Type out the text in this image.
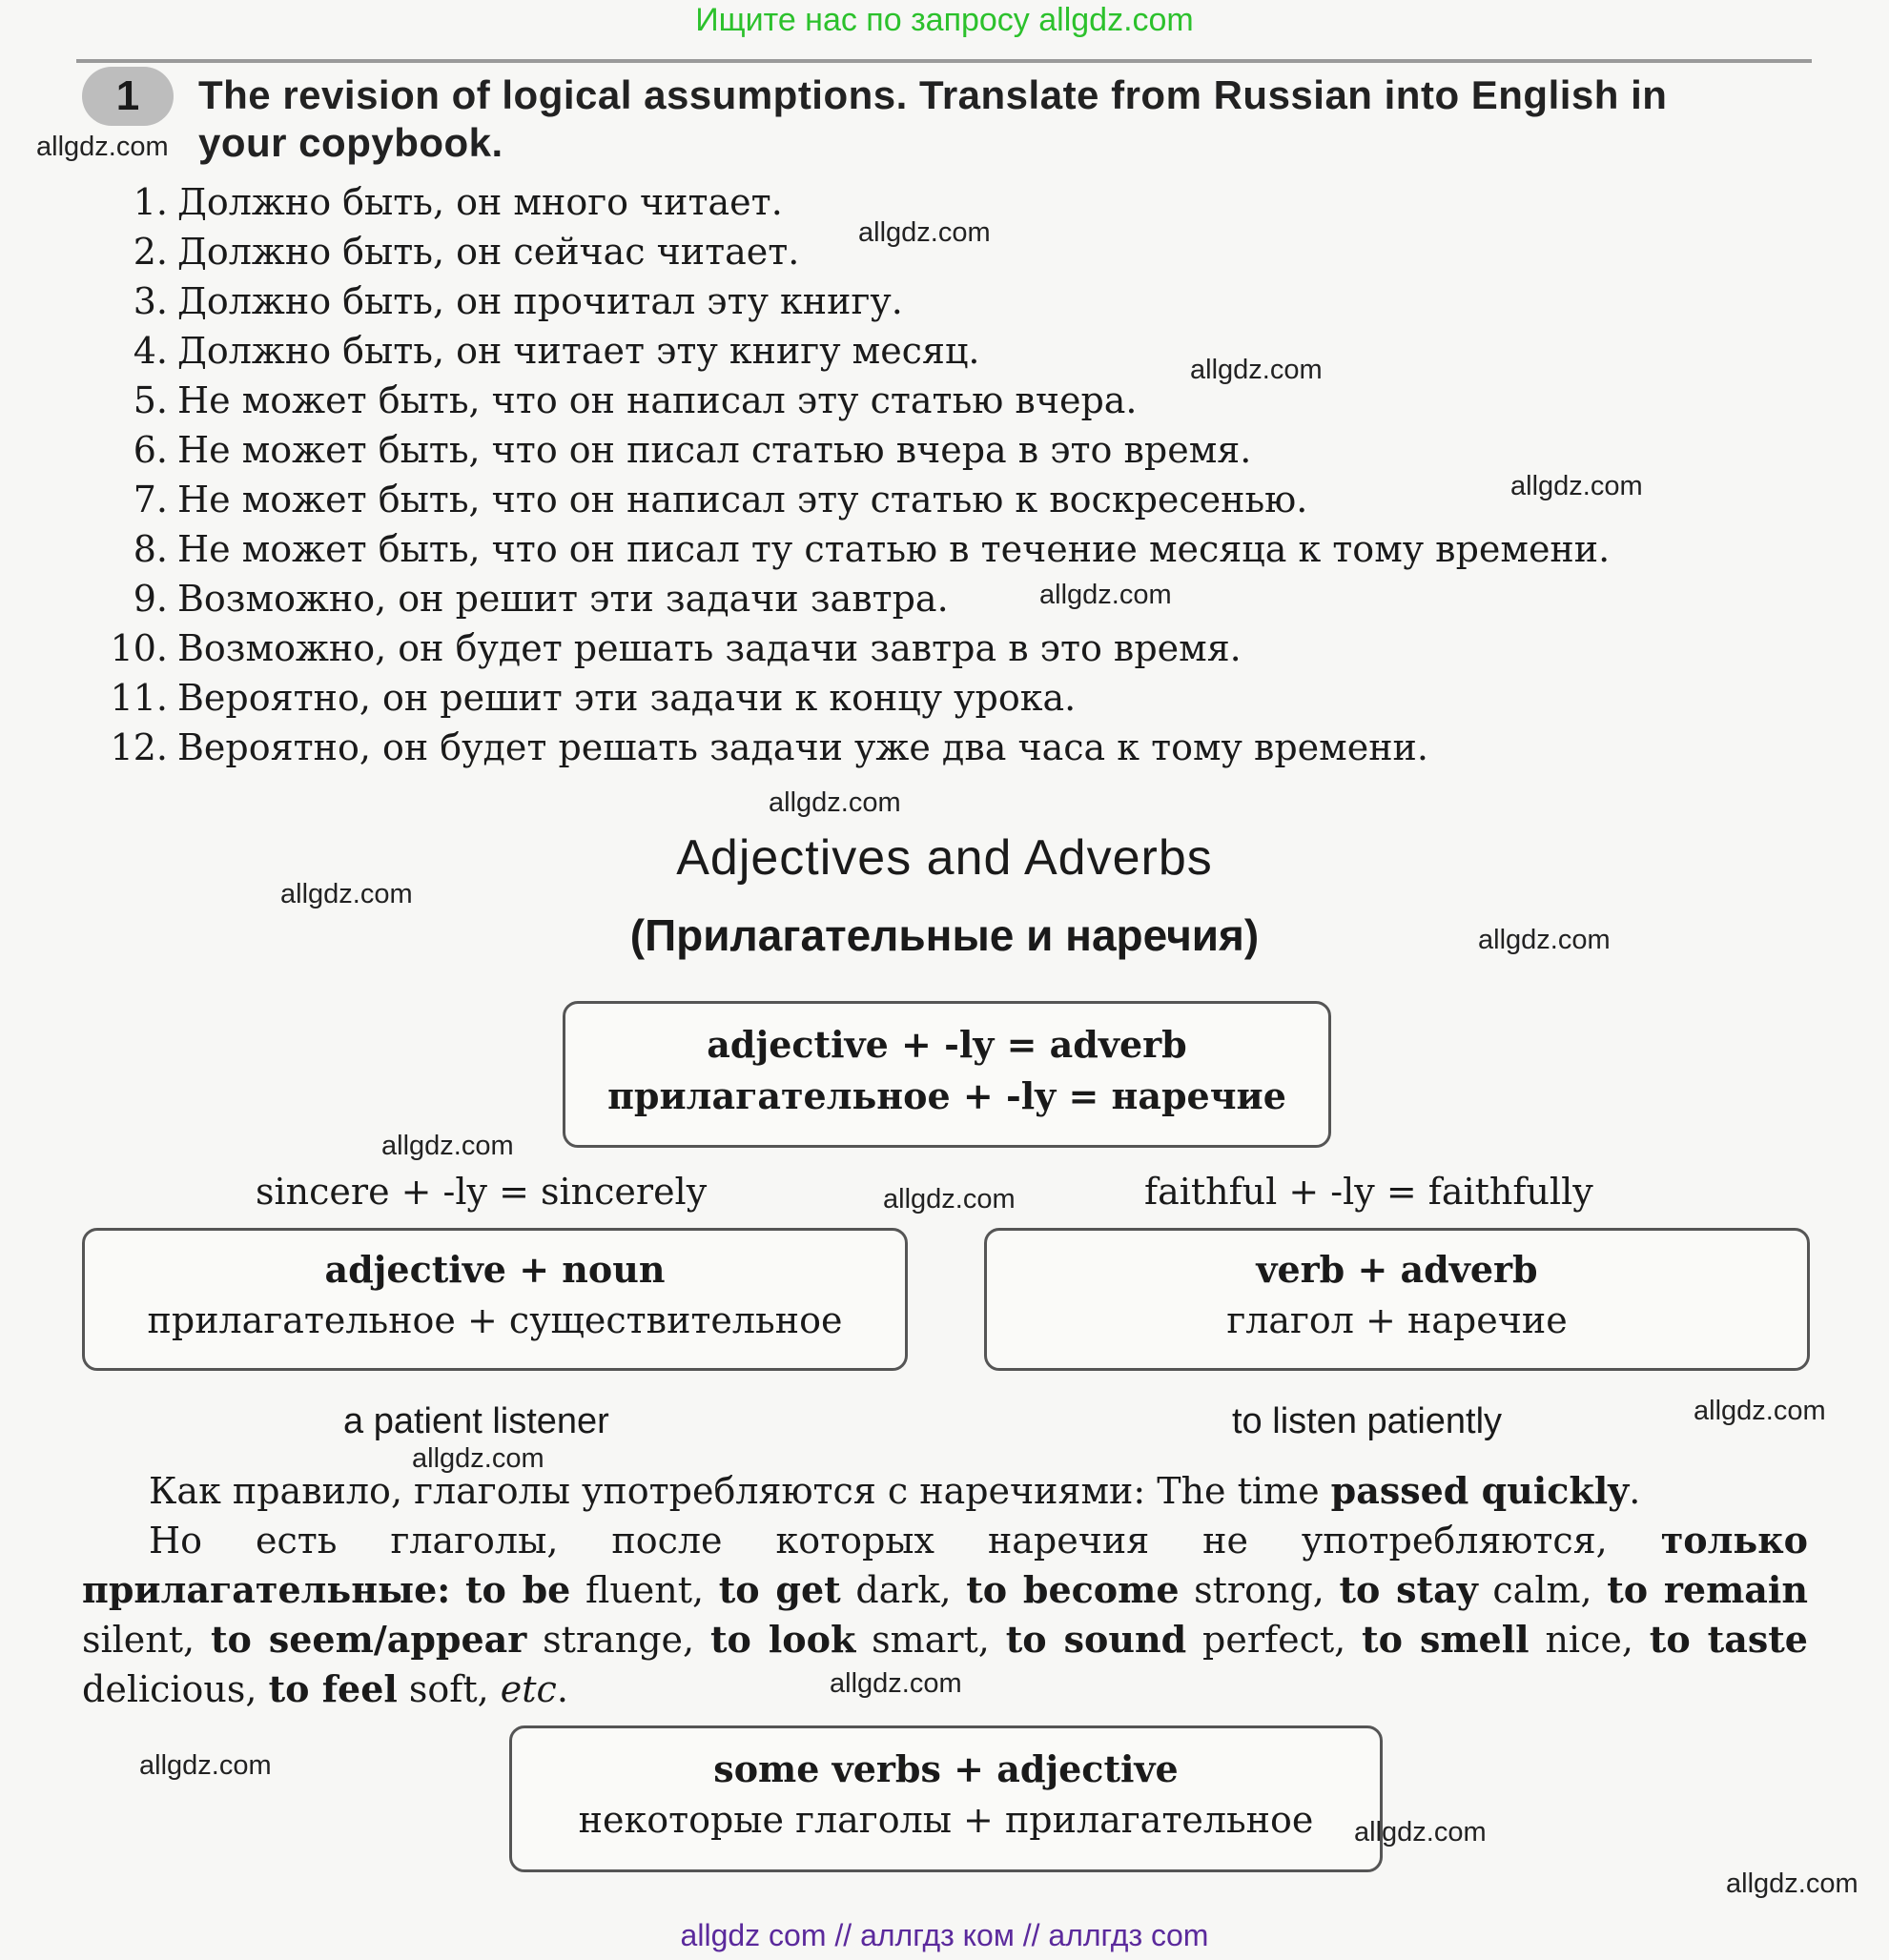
Ищите нас по запросу allgdz.com
1	The revision of logical assumptions. Translate from Russian into English in
your copybook.
1. Должно быть, он много читает.
2. Должно быть, он сейчас читает.
3. Должно быть, он прочитал эту книгу.
4. Должно быть, он читает эту книгу месяц.
5. Не может быть, что он написал эту статью вчера.
6. Не может быть, что он писал статью вчера в это время.
7. Не может быть, что он написал эту статью к воскресенью.
8. Не может быть, что он писал ту статью в течение месяца к тому времени.
9. Возможно, он решит эти задачи завтра.
10. Возможно, он будет решать задачи завтра в это время.
11. Вероятно, он решит эти задачи к концу урока.
12. Вероятно, он будет решать задачи уже два часа к тому времени.
Adjectives and Adverbs
(Прилагательные и наречия)
adjective + -ly = adverb
прилагательное + -ly = наречие
sincere + -ly = sincerely	faithful + -ly = faithfully
adjective + noun
прилагательное + существительное
verb + adverb
глагол + наречие
a patient listener	to listen patiently
Как правило, глаголы употребляются с наречиями: The time passed quickly.
Но есть глаголы, после которых наречия не употребляются, только прилагательные: to be fluent, to get dark, to become strong, to stay calm, to remain silent, to seem/appear strange, to look smart, to sound perfect, to smell nice, to taste delicious, to feel soft, etc.
some verbs + adjective
некоторые глаголы + прилагательное
allgdz.com
allgdz.com
allgdz.com
allgdz.com
allgdz.com
allgdz.com
allgdz.com
allgdz.com
allgdz.com
allgdz.com
allgdz.com
allgdz.com
allgdz.com
allgdz.com
allgdz.com
allgdz.com
allgdz com // аллгдз ком // аллгдз com
